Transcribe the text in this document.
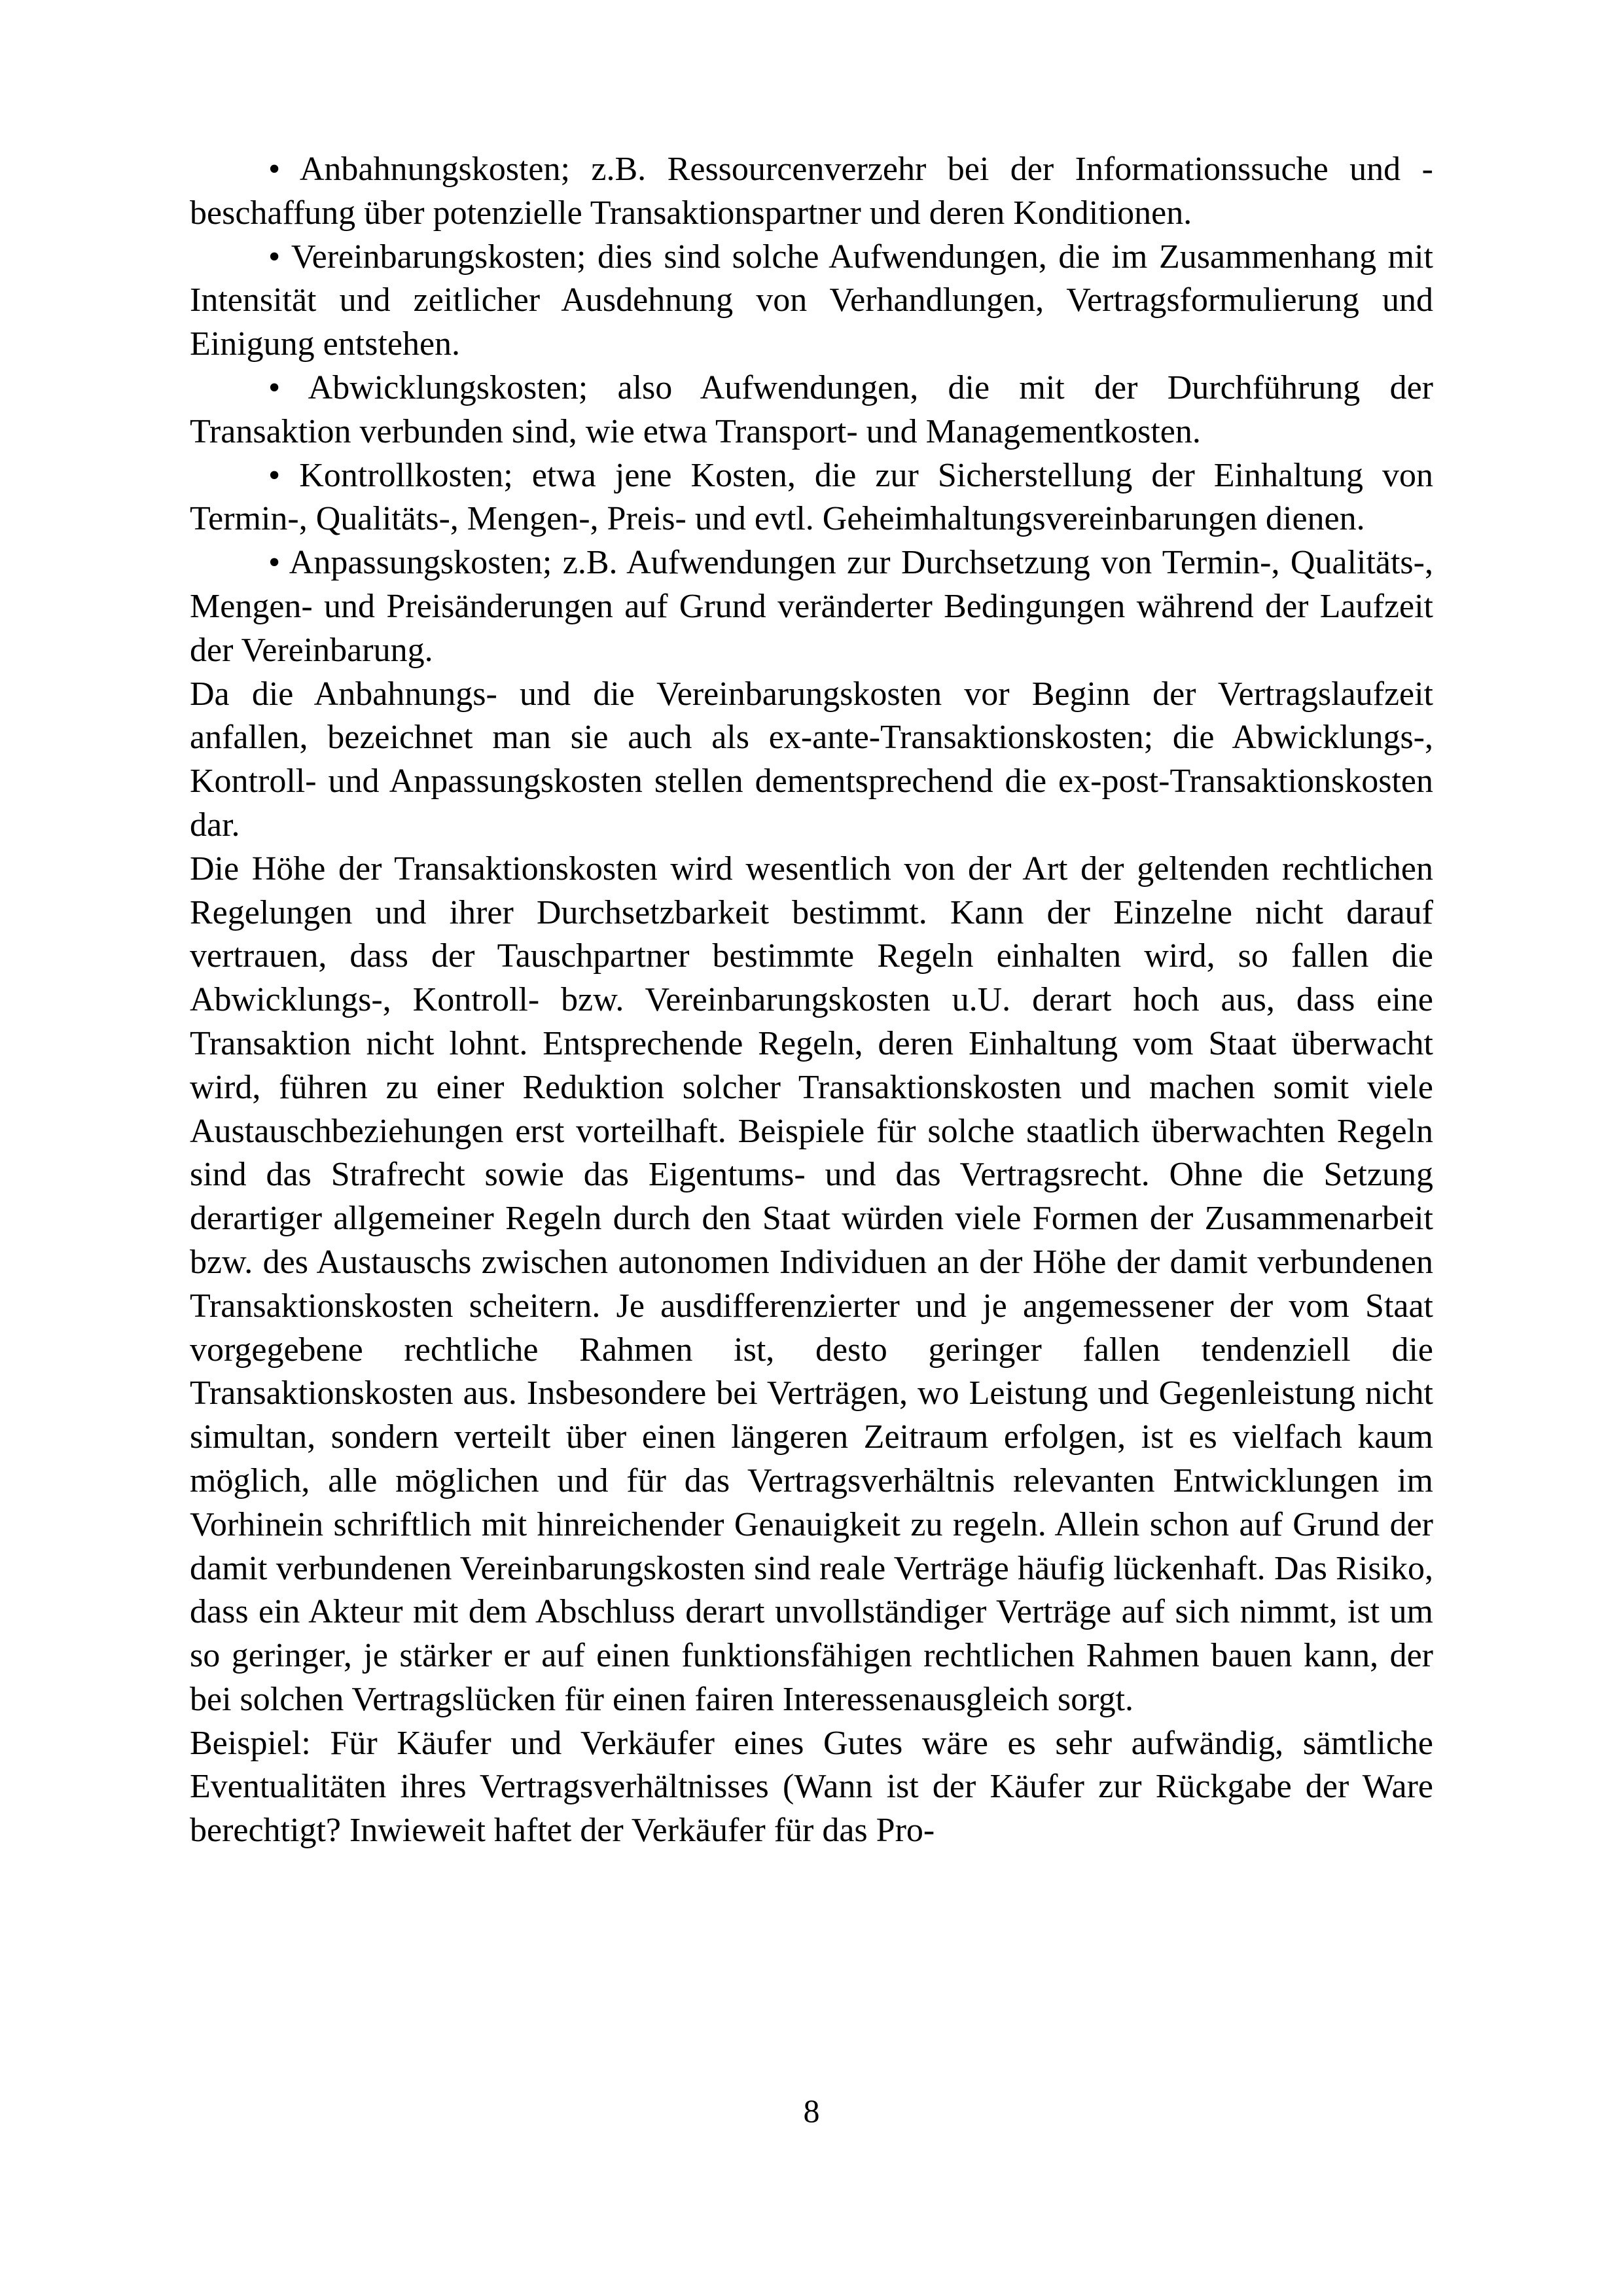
• Anbahnungskosten; z.B. Ressourcenverzehr bei der Informationssuche und -beschaffung über potenzielle Transaktionspartner und deren Konditionen.

• Vereinbarungskosten; dies sind solche Aufwendungen, die im Zusammenhang mit Intensität und zeitlicher Ausdehnung von Verhandlungen, Vertragsformulierung und Einigung entstehen.

• Abwicklungskosten; also Aufwendungen, die mit der Durchführung der Transaktion verbunden sind, wie etwa Transport- und Managementkosten.

• Kontrollkosten; etwa jene Kosten, die zur Sicherstellung der Einhaltung von Termin-, Qualitäts-, Mengen-, Preis- und evtl. Geheimhaltungsvereinbarungen dienen.

• Anpassungskosten; z.B. Aufwendungen zur Durchsetzung von Termin-, Qualitäts-, Mengen- und Preisänderungen auf Grund veränderter Bedingungen während der Laufzeit der Vereinbarung.

Da die Anbahnungs- und die Vereinbarungskosten vor Beginn der Vertragslaufzeit anfallen, bezeichnet man sie auch als ex-ante-Transaktionskosten; die Abwicklungs-, Kontroll- und Anpassungskosten stellen dementsprechend die ex-post-Transaktionskosten dar.

Die Höhe der Transaktionskosten wird wesentlich von der Art der geltenden rechtlichen Regelungen und ihrer Durchsetzbarkeit bestimmt. Kann der Einzelne nicht darauf vertrauen, dass der Tauschpartner bestimmte Regeln einhalten wird, so fallen die Abwicklungs-, Kontroll- bzw. Vereinbarungskosten u.U. derart hoch aus, dass eine Transaktion nicht lohnt. Entsprechende Regeln, deren Einhaltung vom Staat überwacht wird, führen zu einer Reduktion solcher Transaktionskosten und machen somit viele Austauschbeziehungen erst vorteilhaft. Beispiele für solche staatlich überwachten Regeln sind das Strafrecht sowie das Eigentums- und das Vertragsrecht. Ohne die Setzung derartiger allgemeiner Regeln durch den Staat würden viele Formen der Zusammenarbeit bzw. des Austauschs zwischen autonomen Individuen an der Höhe der damit verbundenen Transaktionskosten scheitern. Je ausdifferenzierter und je angemessener der vom Staat vorgegebene rechtliche Rahmen ist, desto geringer fallen tendenziell die Transaktionskosten aus. Insbesondere bei Verträgen, wo Leistung und Gegenleistung nicht simultan, sondern verteilt über einen längeren Zeitraum erfolgen, ist es vielfach kaum möglich, alle möglichen und für das Vertragsverhältnis relevanten Entwicklungen im Vorhinein schriftlich mit hinreichender Genauigkeit zu regeln. Allein schon auf Grund der damit verbundenen Vereinbarungskosten sind reale Verträge häufig lückenhaft. Das Risiko, dass ein Akteur mit dem Abschluss derart unvollständiger Verträge auf sich nimmt, ist um so geringer, je stärker er auf einen funktionsfähigen rechtlichen Rahmen bauen kann, der bei solchen Vertragslücken für einen fairen Interessenausgleich sorgt.

Beispiel: Für Käufer und Verkäufer eines Gutes wäre es sehr aufwändig, sämtliche Eventualitäten ihres Vertragsverhältnisses (Wann ist der Käufer zur Rückgabe der Ware berechtigt? Inwieweit haftet der Verkäufer für das Pro-

8
